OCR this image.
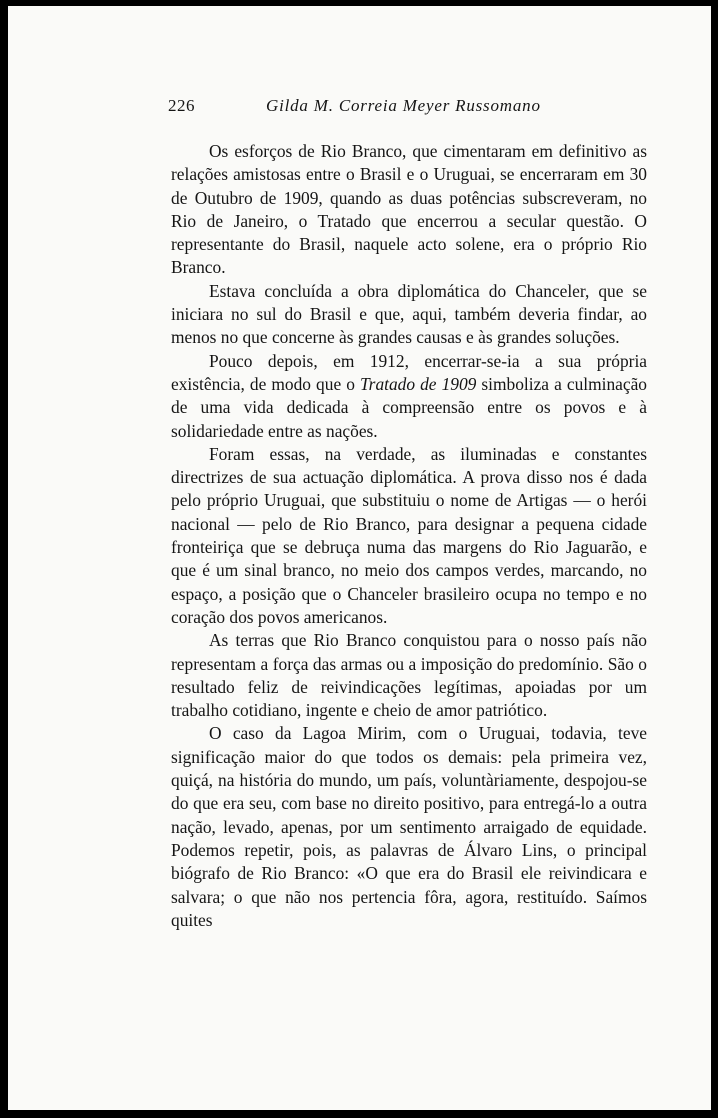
226	Gilda M. Correia Meyer Russomano

Os esforços de Rio Branco, que cimentaram em definitivo as relações amistosas entre o Brasil e o Uruguai, se encerraram em 30 de Outubro de 1909, quando as duas potências subscreveram, no Rio de Janeiro, o Tratado que encerrou a secular questão. O representante do Brasil, naquele acto solene, era o próprio Rio Branco.

Estava concluída a obra diplomática do Chanceler, que se iniciara no sul do Brasil e que, aqui, também deveria findar, ao menos no que concerne às grandes causas e às grandes soluções.

Pouco depois, em 1912, encerrar-se-ia a sua própria existência, de modo que o Tratado de 1909 simboliza a culminação de uma vida dedicada à compreensão entre os povos e à solidariedade entre as nações.

Foram essas, na verdade, as iluminadas e constantes directrizes de sua actuação diplomática. A prova disso nos é dada pelo próprio Uruguai, que substituiu o nome de Artigas — o herói nacional — pelo de Rio Branco, para designar a pequena cidade fronteiriça que se debruça numa das margens do Rio Jaguarão, e que é um sinal branco, no meio dos campos verdes, marcando, no espaço, a posição que o Chanceler brasileiro ocupa no tempo e no coração dos povos americanos.

As terras que Rio Branco conquistou para o nosso país não representam a força das armas ou a imposição do predomínio. São o resultado feliz de reivindicações legítimas, apoiadas por um trabalho cotidiano, ingente e cheio de amor patriótico.

O caso da Lagoa Mirim, com o Uruguai, todavia, teve significação maior do que todos os demais: pela primeira vez, quiçá, na história do mundo, um país, voluntàriamente, despojou-se do que era seu, com base no direito positivo, para entregá-lo a outra nação, levado, apenas, por um sentimento arraigado de equidade. Podemos repetir, pois, as palavras de Álvaro Lins, o principal biógrafo de Rio Branco: «O que era do Brasil ele reivindicara e salvara; o que não nos pertencia fôra, agora, restituído. Saímos quites
